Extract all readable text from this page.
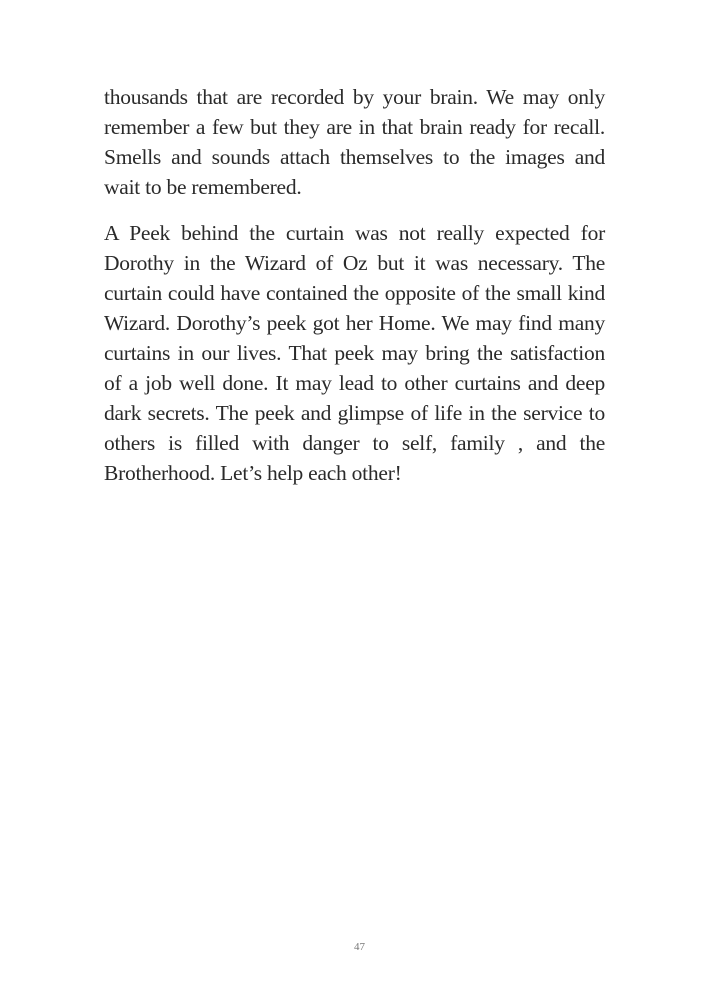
thousands that are recorded by your brain. We may only remember a few but they are in that brain ready for recall. Smells and sounds attach themselves to the images and wait to be remembered.

A Peek behind the curtain was not really expected for Dorothy in the Wizard of Oz but it was necessary. The curtain could have contained the opposite of the small kind Wizard. Dorothy’s peek got her Home. We may find many curtains in our lives. That peek may bring the satisfaction of a job well done. It may lead to other curtains and deep dark secrets. The peek and glimpse of life in the service to others is filled with danger to self, family , and the Brotherhood. Let’s help each other!

47
